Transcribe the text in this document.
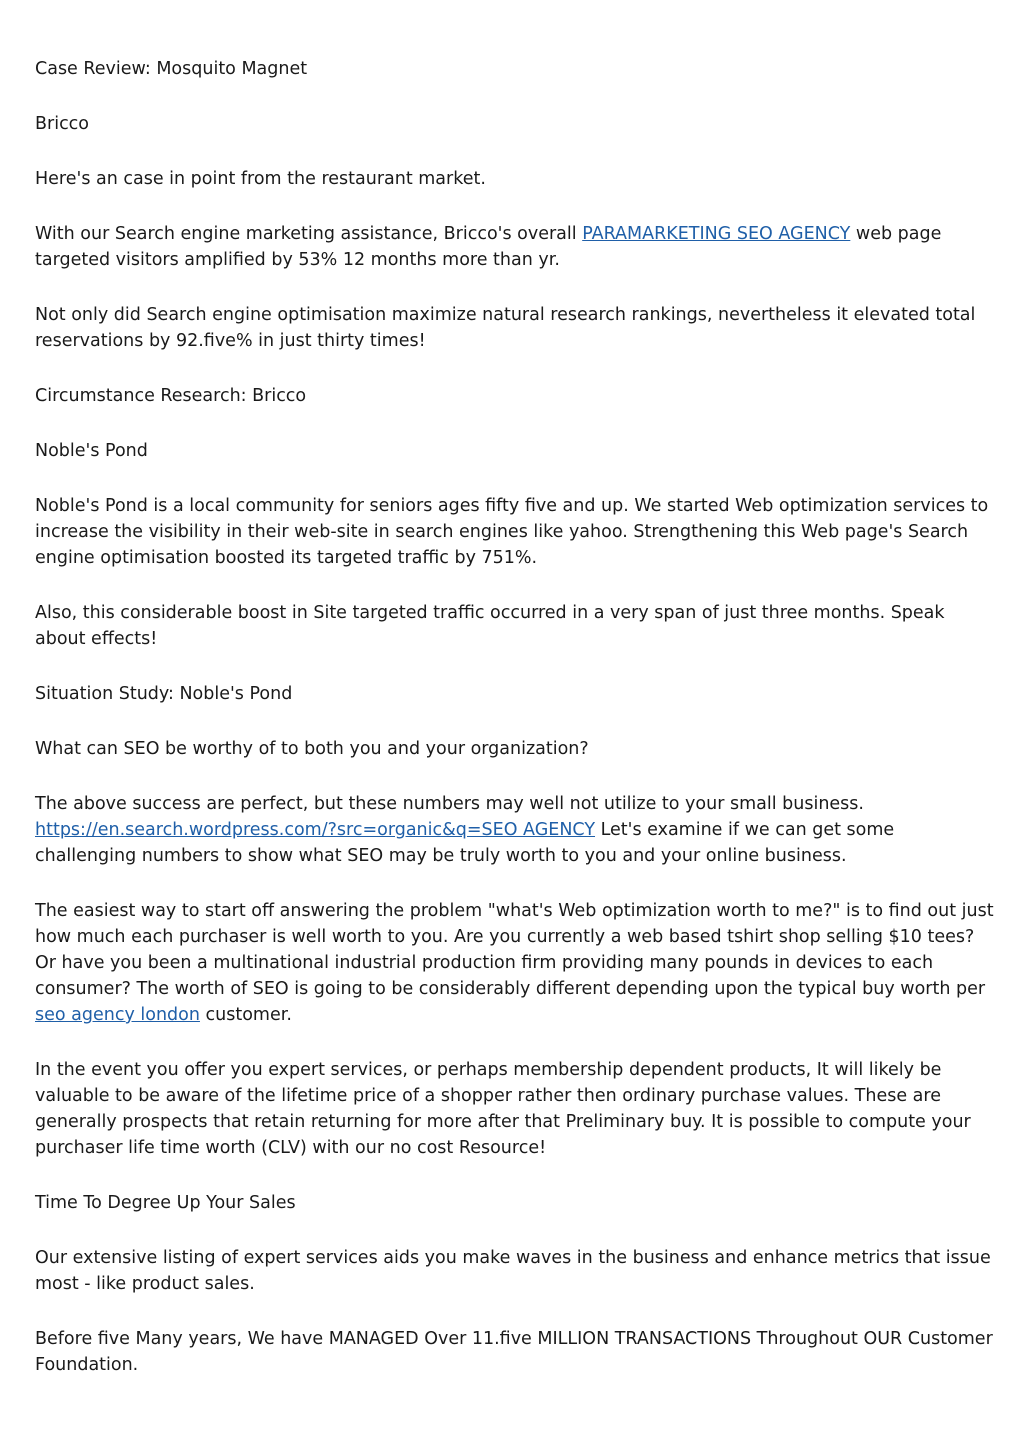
Case Review: Mosquito Magnet

Bricco

Here's an case in point from the restaurant market.

With our Search engine marketing assistance, Bricco's overall PARAMARKETING SEO AGENCY web page targeted visitors amplified by 53% 12 months more than yr.

Not only did Search engine optimisation maximize natural research rankings, nevertheless it elevated total reservations by 92.five% in just thirty times!

Circumstance Research: Bricco

Noble's Pond

Noble's Pond is a local community for seniors ages fifty five and up. We started Web optimization services to increase the visibility in their web-site in search engines like yahoo. Strengthening this Web page's Search engine optimisation boosted its targeted traffic by 751%.

Also, this considerable boost in Site targeted traffic occurred in a very span of just three months. Speak about effects!

Situation Study: Noble's Pond

What can SEO be worthy of to both you and your organization?

The above success are perfect, but these numbers may well not utilize to your small business. https://en.search.wordpress.com/?src=organic&q=SEO AGENCY Let's examine if we can get some challenging numbers to show what SEO may be truly worth to you and your online business.

The easiest way to start off answering the problem "what's Web optimization worth to me?" is to find out just how much each purchaser is well worth to you. Are you currently a web based tshirt shop selling $10 tees? Or have you been a multinational industrial production firm providing many pounds in devices to each consumer? The worth of SEO is going to be considerably different depending upon the typical buy worth per seo agency london customer.

In the event you offer you expert services, or perhaps membership dependent products, It will likely be valuable to be aware of the lifetime price of a shopper rather then ordinary purchase values. These are generally prospects that retain returning for more after that Preliminary buy. It is possible to compute your purchaser life time worth (CLV) with our no cost Resource!

Time To Degree Up Your Sales

Our extensive listing of expert services aids you make waves in the business and enhance metrics that issue most - like product sales.

Before five Many years, We have MANAGED Over 11.five MILLION TRANSACTIONS Throughout OUR Customer Foundation.
